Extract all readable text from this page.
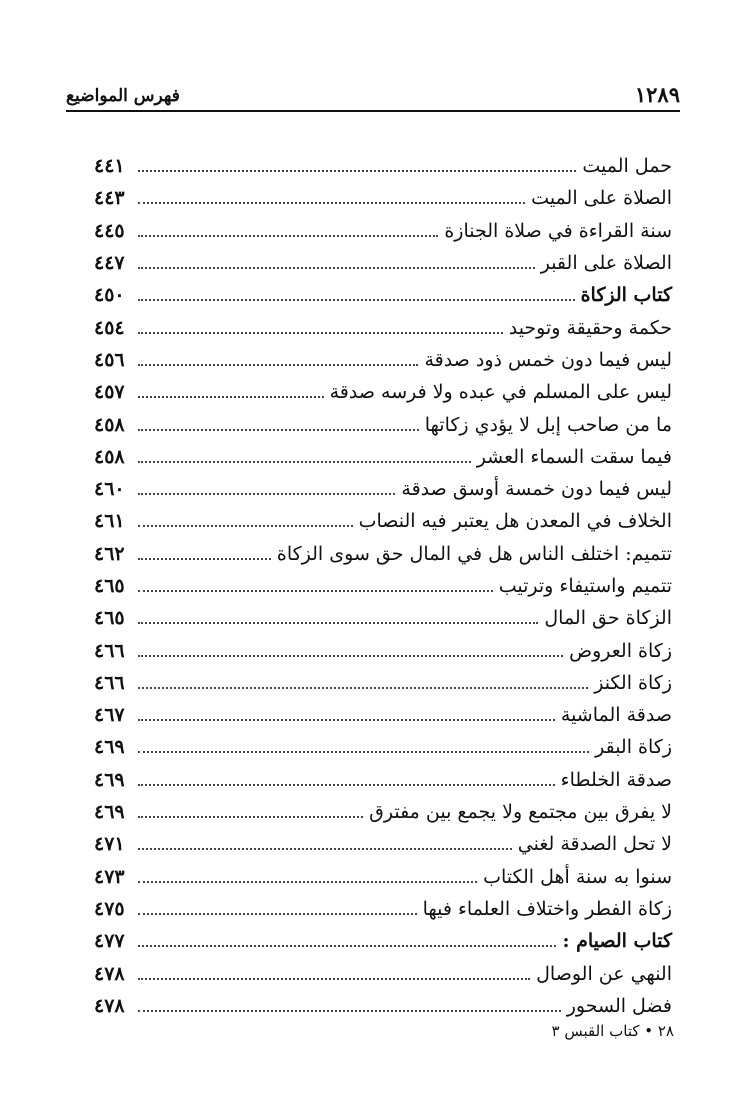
١٢٨٩
فهرس المواضيع
حمل الميت
٤٤١
الصلاة على الميت
٤٤٣
سنة القراءة في صلاة الجنازة
٤٤٥
الصلاة على القبر
٤٤٧
كتاب الزكاة
٤٥٠
حكمة وحقيقة وتوحيد
٤٥٤
ليس فيما دون خمس ذود صدقة
٤٥٦
ليس على المسلم في عبده ولا فرسه صدقة
٤٥٧
ما من صاحب إبل لا يؤدي زكاتها
٤٥٨
فيما سقت السماء العشر
٤٥٨
ليس فيما دون خمسة أوسق صدقة
٤٦٠
الخلاف في المعدن هل يعتبر فيه النصاب
٤٦١
تتميم: اختلف الناس هل في المال حق سوى الزكاة
٤٦٢
تتميم واستيفاء وترتيب
٤٦٥
الزكاة حق المال
٤٦٥
زكاة العروض
٤٦٦
زكاة الكنز
٤٦٦
صدقة الماشية
٤٦٧
زكاة البقر
٤٦٩
صدقة الخلطاء
٤٦٩
لا يفرق بين مجتمع ولا يجمع بين مفترق
٤٦٩
لا تحل الصدقة لغني
٤٧١
سنوا به سنة أهل الكتاب
٤٧٣
زكاة الفطر واختلاف العلماء فيها
٤٧٥
كتاب الصيام :
٤٧٧
النهي عن الوصال
٤٧٨
فضل السحور
٤٧٨
٢٨ • كتاب القبس ٣
